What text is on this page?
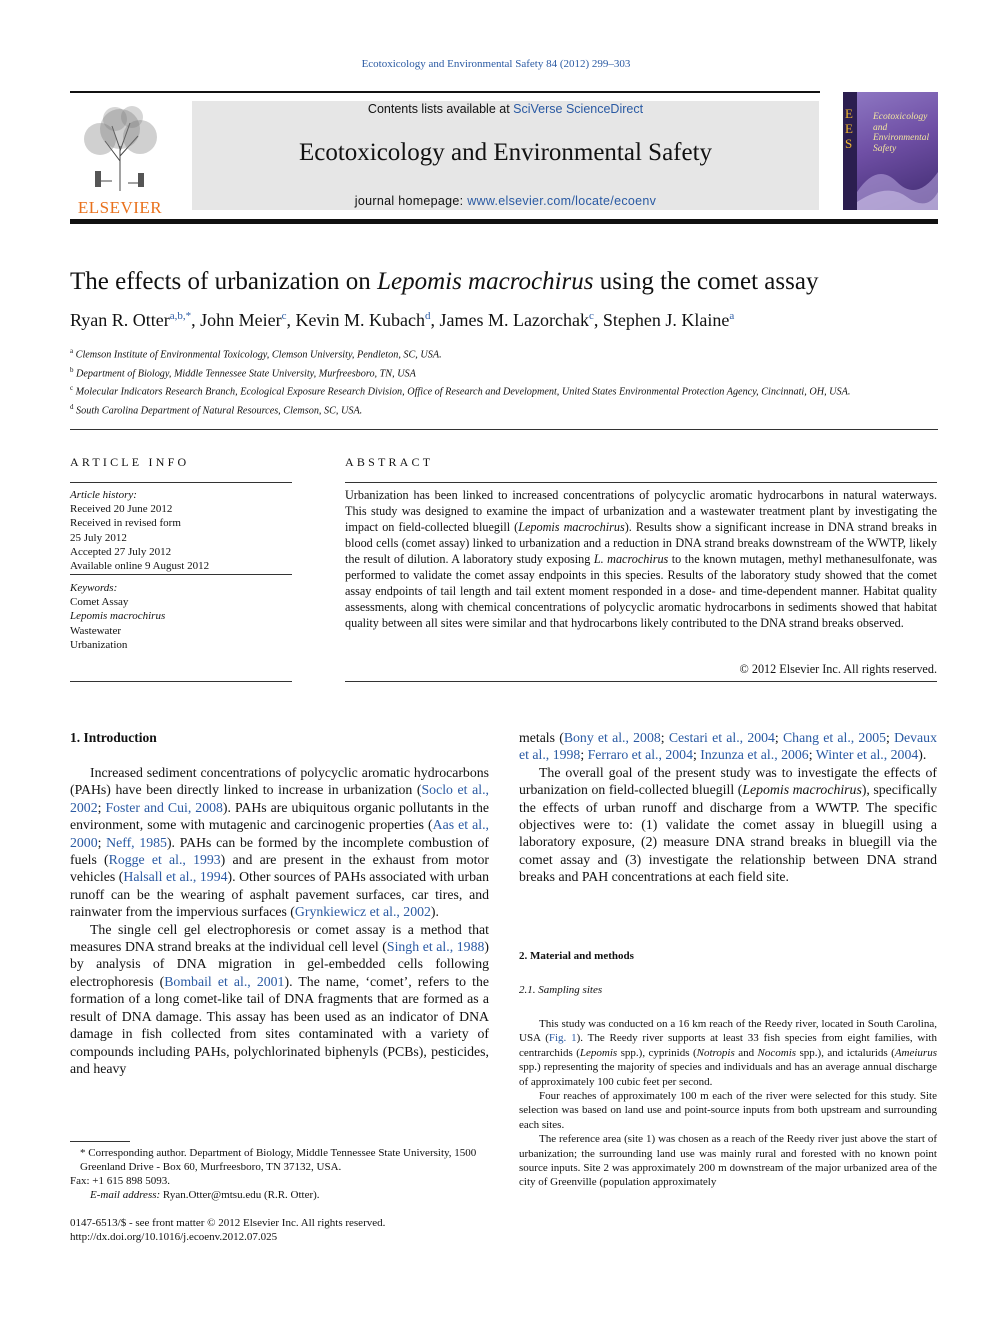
Ecotoxicology and Environmental Safety 84 (2012) 299–303
ELSEVIER
Contents lists available at SciVerse ScienceDirect
Ecotoxicology and Environmental Safety
journal homepage: www.elsevier.com/locate/ecoenv
E
E
S
Ecotoxicology
and
Environmental
Safety
The effects of urbanization on Lepomis macrochirus using the comet assay
Ryan R. Otter$^{a,b,*}$, John Meier$^c$, Kevin M. Kubach$^d$, James M. Lazorchak$^c$, Stephen J. Klaine$^a$
$^a$ Clemson Institute of Environmental Toxicology, Clemson University, Pendleton, SC, USA.
$^b$ Department of Biology, Middle Tennessee State University, Murfreesboro, TN, USA
$^c$ Molecular Indicators Research Branch, Ecological Exposure Research Division, Office of Research and Development, United States Environmental Protection Agency, Cincinnati, OH, USA.
$^d$ South Carolina Department of Natural Resources, Clemson, SC, USA.
ARTICLE INFO
Article history:
Received 20 June 2012
Received in revised form
25 July 2012
Accepted 27 July 2012
Available online 9 August 2012
Keywords:
Comet Assay
Lepomis macrochirus
Wastewater
Urbanization
ABSTRACT
Urbanization has been linked to increased concentrations of polycyclic aromatic hydrocarbons in natural waterways. This study was designed to examine the impact of urbanization and a wastewater treatment plant by investigating the impact on field-collected bluegill (Lepomis macrochirus). Results show a significant increase in DNA strand breaks in blood cells (comet assay) linked to urbanization and a reduction in DNA strand breaks downstream of the WWTP, likely the result of dilution. A laboratory study exposing L. macrochirus to the known mutagen, methyl methanesulfonate, was performed to validate the comet assay endpoints in this species. Results of the laboratory study showed that the comet assay endpoints of tail length and tail extent moment responded in a dose- and time-dependent manner. Habitat quality assessments, along with chemical concentrations of polycyclic aromatic hydrocarbons in sediments showed that habitat quality between all sites were similar and that hydrocarbons likely contributed to the DNA strand breaks observed.
© 2012 Elsevier Inc. All rights reserved.
1. Introduction

Increased sediment concentrations of polycyclic aromatic hydrocarbons (PAHs) have been directly linked to increase in urbanization (Soclo et al., 2002; Foster and Cui, 2008). PAHs are ubiquitous organic pollutants in the environment, some with mutagenic and carcinogenic properties (Aas et al., 2000; Neff, 1985). PAHs can be formed by the incomplete combustion of fuels (Rogge et al., 1993) and are present in the exhaust from motor vehicles (Halsall et al., 1994). Other sources of PAHs associated with urban runoff can be the wearing of asphalt pavement surfaces, car tires, and rainwater from the impervious surfaces (Grynkiewicz et al., 2002).

The single cell gel electrophoresis or comet assay is a method that measures DNA strand breaks at the individual cell level (Singh et al., 1988) by analysis of DNA migration in gel-embedded cells following electrophoresis (Bombail et al., 2001). The name, ‘comet’, refers to the formation of a long comet-like tail of DNA fragments that are formed as a result of DNA damage. This assay has been used as an indicator of DNA damage in fish collected from sites contaminated with a variety of compounds including PAHs, polychlorinated biphenyls (PCBs), pesticides, and heavy

metals (Bony et al., 2008; Cestari et al., 2004; Chang et al., 2005; Devaux et al., 1998; Ferraro et al., 2004; Inzunza et al., 2006; Winter et al., 2004).

The overall goal of the present study was to investigate the effects of urbanization on field-collected bluegill (Lepomis macrochirus), specifically the effects of urban runoff and discharge from a WWTP. The specific objectives were to: (1) validate the comet assay in bluegill using a laboratory exposure, (2) measure DNA strand breaks in bluegill via the comet assay and (3) investigate the relationship between DNA strand breaks and PAH concentrations at each field site.

2. Material and methods
2.1. Sampling sites

This study was conducted on a 16 km reach of the Reedy river, located in South Carolina, USA (Fig. 1). The Reedy river supports at least 33 fish species from eight families, with centrarchids (Lepomis spp.), cyprinids (Notropis and Nocomis spp.), and ictalurids (Ameiurus spp.) representing the majority of species and individuals and has an average annual discharge of approximately 100 cubic feet per second.

Four reaches of approximately 100 m each of the river were selected for this study. Site selection was based on land use and point-source inputs from both upstream and surrounding each sites.

The reference area (site 1) was chosen as a reach of the Reedy river just above the start of urbanization; the surrounding land use was mainly rural and forested with no known point source inputs. Site 2 was approximately 200 m downstream of the major urbanized area of the city of Greenville (population approximately

* Corresponding author. Department of Biology, Middle Tennessee State University, 1500 Greenland Drive - Box 60, Murfreesboro, TN 37132, USA.
Fax: +1 615 898 5093.
E-mail address: Ryan.Otter@mtsu.edu (R.R. Otter).
0147-6513/$ - see front matter © 2012 Elsevier Inc. All rights reserved.
http://dx.doi.org/10.1016/j.ecoenv.2012.07.025
